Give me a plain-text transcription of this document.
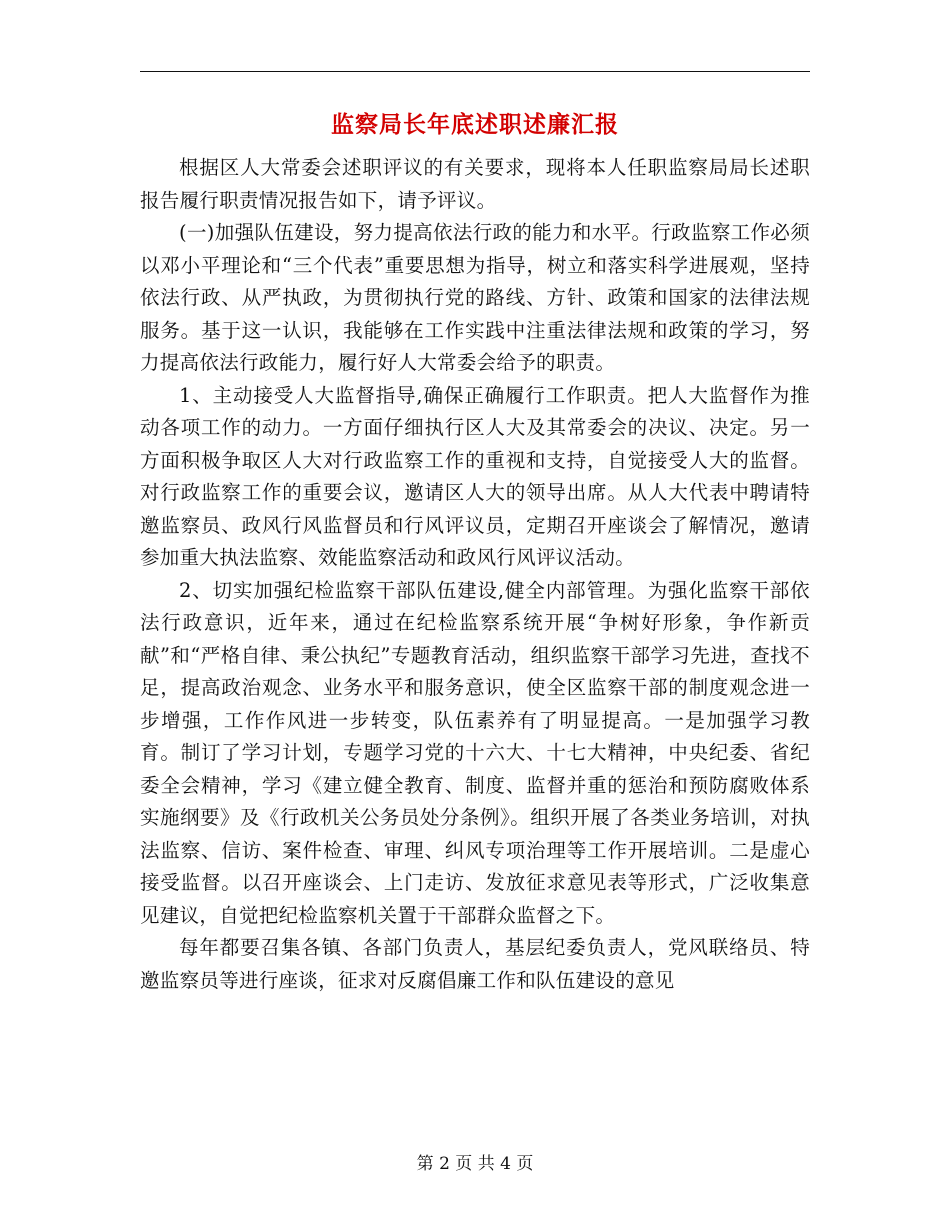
监察局长年底述职述廉汇报

根据区人大常委会述职评议的有关要求，现将本人任职监察局局长述职报告履行职责情况报告如下，请予评议。

(一)加强队伍建设，努力提高依法行政的能力和水平。行政监察工作必须以邓小平理论和“三个代表”重要思想为指导，树立和落实科学进展观，坚持依法行政、从严执政，为贯彻执行党的路线、方针、政策和国家的法律法规服务。基于这一认识，我能够在工作实践中注重法律法规和政策的学习，努力提高依法行政能力，履行好人大常委会给予的职责。

1、主动接受人大监督指导,确保正确履行工作职责。把人大监督作为推动各项工作的动力。一方面仔细执行区人大及其常委会的决议、决定。另一方面积极争取区人大对行政监察工作的重视和支持，自觉接受人大的监督。对行政监察工作的重要会议，邀请区人大的领导出席。从人大代表中聘请特邀监察员、政风行风监督员和行风评议员，定期召开座谈会了解情况，邀请参加重大执法监察、效能监察活动和政风行风评议活动。

2、切实加强纪检监察干部队伍建设,健全内部管理。为强化监察干部依法行政意识，近年来，通过在纪检监察系统开展“争树好形象，争作新贡献”和“严格自律、秉公执纪”专题教育活动，组织监察干部学习先进，查找不足，提高政治观念、业务水平和服务意识，使全区监察干部的制度观念进一步增强，工作作风进一步转变，队伍素养有了明显提高。一是加强学习教育。制订了学习计划，专题学习党的十六大、十七大精神，中央纪委、省纪委全会精神，学习《建立健全教育、制度、监督并重的惩治和预防腐败体系实施纲要》及《行政机关公务员处分条例》。组织开展了各类业务培训，对执法监察、信访、案件检查、审理、纠风专项治理等工作开展培训。二是虚心接受监督。以召开座谈会、上门走访、发放征求意见表等形式，广泛收集意见建议，自觉把纪检监察机关置于干部群众监督之下。

每年都要召集各镇、各部门负责人，基层纪委负责人，党风联络员、特邀监察员等进行座谈，征求对反腐倡廉工作和队伍建设的意见

第 2 页 共 4 页
